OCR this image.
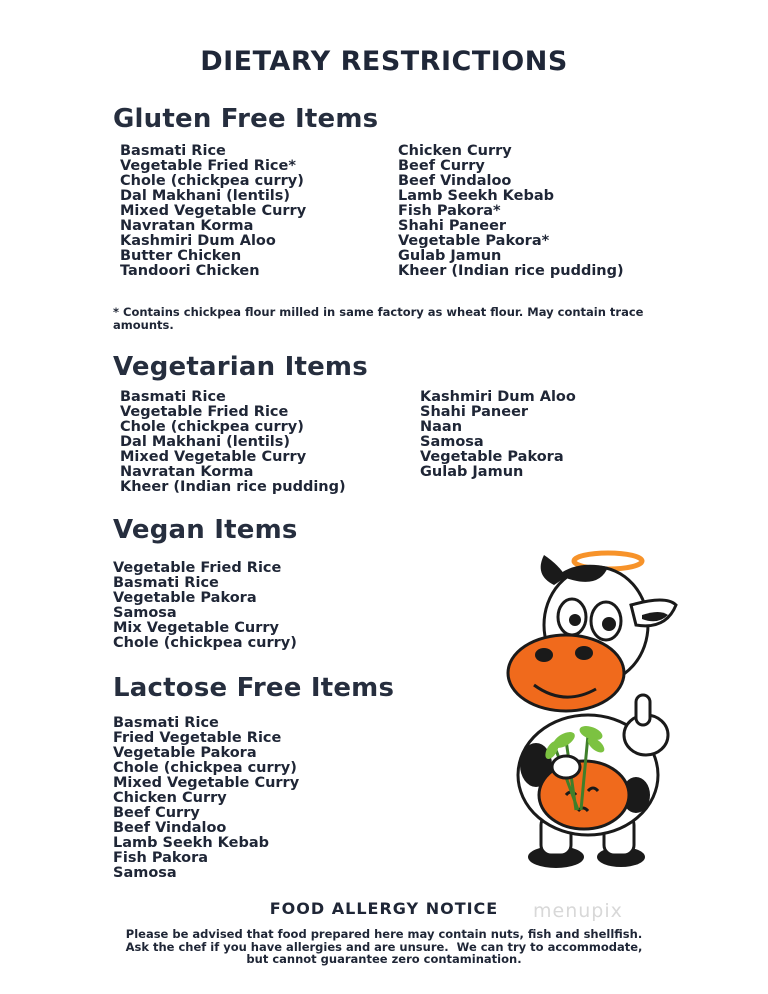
DIETARY RESTRICTIONS
Gluten Free Items
Basmati Rice
Vegetable Fried Rice*
Chole (chickpea curry)
Dal Makhani (lentils)
Mixed Vegetable Curry
Navratan Korma
Kashmiri Dum Aloo
Butter Chicken
Tandoori Chicken
Chicken Curry
Beef Curry
Beef Vindaloo
Lamb Seekh Kebab
Fish Pakora*
Shahi Paneer
Vegetable Pakora*
Gulab Jamun
Kheer (Indian rice pudding)
* Contains chickpea flour milled in same factory as wheat flour. May contain trace amounts.
Vegetarian Items
Basmati Rice
Vegetable Fried Rice
Chole (chickpea curry)
Dal Makhani (lentils)
Mixed Vegetable Curry
Navratan Korma
Kheer (Indian rice pudding)
Kashmiri Dum Aloo
Shahi Paneer
Naan
Samosa
Vegetable Pakora
Gulab Jamun
Vegan Items
Vegetable Fried Rice
Basmati Rice
Vegetable Pakora
Samosa
Mix Vegetable Curry
Chole (chickpea curry)
Lactose Free Items
Basmati Rice
Fried Vegetable Rice
Vegetable Pakora
Chole (chickpea curry)
Mixed Vegetable Curry
Chicken Curry
Beef Curry
Beef Vindaloo
Lamb Seekh Kebab
Fish Pakora
Samosa
menupix
FOOD ALLERGY NOTICE
Please be advised that food prepared here may contain nuts, fish and shellfish.
Ask the chef if you have allergies and are unsure.  We can try to accommodate,
but cannot guarantee zero contamination.
